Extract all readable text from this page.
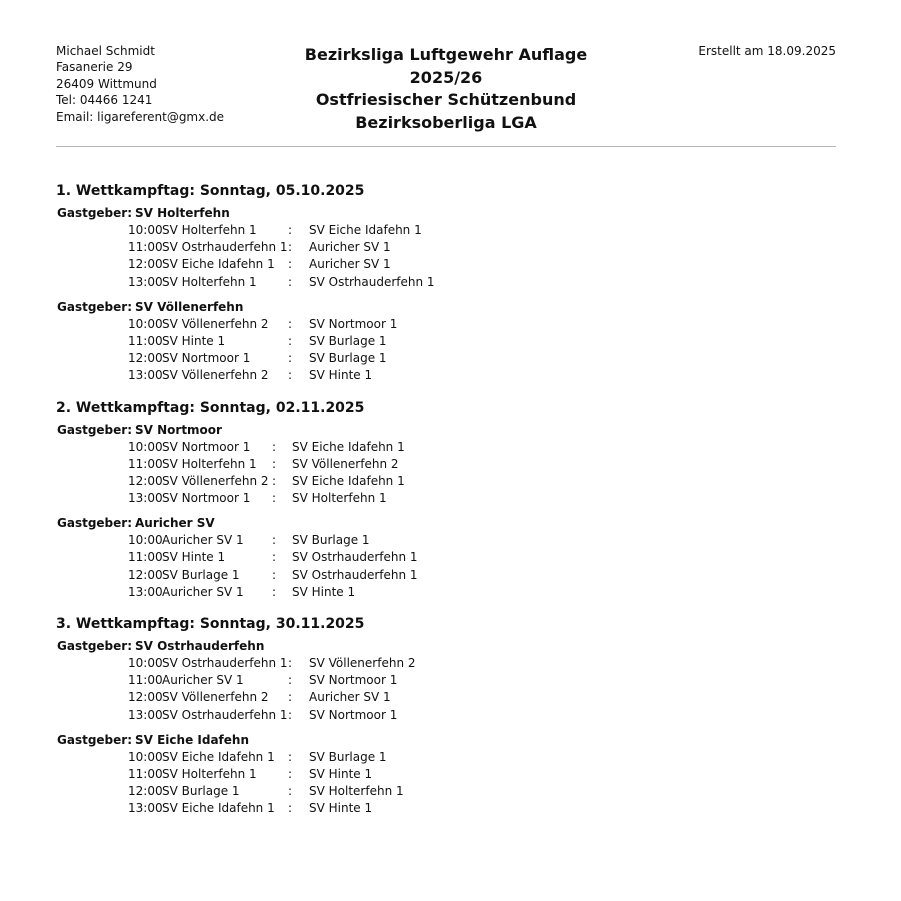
Michael Schmidt
Fasanerie 29
26409 Wittmund
Tel: 04466 1241
Email: ligareferent@gmx.de
Bezirksliga Luftgewehr Auflage
2025/26
Ostfriesischer Schützenbund
Bezirksoberliga LGA
Erstellt am 18.09.2025
1. Wettkampftag: Sonntag, 05.10.2025
Gastgeber: SV Holterfehn
10:00 SV Holterfehn 1	:	SV Eiche Idafehn 1
11:00 SV Ostrhauderfehn 1 :	Auricher SV 1
12:00 SV Eiche Idafehn 1	:	Auricher SV 1
13:00 SV Holterfehn 1	:	SV Ostrhauderfehn 1
Gastgeber: SV Völlenerfehn
10:00 SV Völlenerfehn 2	:	SV Nortmoor 1
11:00 SV Hinte 1	:	SV Burlage 1
12:00 SV Nortmoor 1	:	SV Burlage 1
13:00 SV Völlenerfehn 2	:	SV Hinte 1
2. Wettkampftag: Sonntag, 02.11.2025
Gastgeber: SV Nortmoor
10:00 SV Nortmoor 1	:	SV Eiche Idafehn 1
11:00 SV Holterfehn 1	:	SV Völlenerfehn 2
12:00 SV Völlenerfehn 2 :	SV Eiche Idafehn 1
13:00 SV Nortmoor 1	:	SV Holterfehn 1
Gastgeber: Auricher SV
10:00 Auricher SV 1	:	SV Burlage 1
11:00 SV Hinte 1	:	SV Ostrhauderfehn 1
12:00 SV Burlage 1	:	SV Ostrhauderfehn 1
13:00 Auricher SV 1	:	SV Hinte 1
3. Wettkampftag: Sonntag, 30.11.2025
Gastgeber: SV Ostrhauderfehn
10:00 SV Ostrhauderfehn 1 :	SV Völlenerfehn 2
11:00 Auricher SV 1	:	SV Nortmoor 1
12:00 SV Völlenerfehn 2	:	Auricher SV 1
13:00 SV Ostrhauderfehn 1 :	SV Nortmoor 1
Gastgeber: SV Eiche Idafehn
10:00 SV Eiche Idafehn 1	:	SV Burlage 1
11:00 SV Holterfehn 1	:	SV Hinte 1
12:00 SV Burlage 1	:	SV Holterfehn 1
13:00 SV Eiche Idafehn 1	:	SV Hinte 1
